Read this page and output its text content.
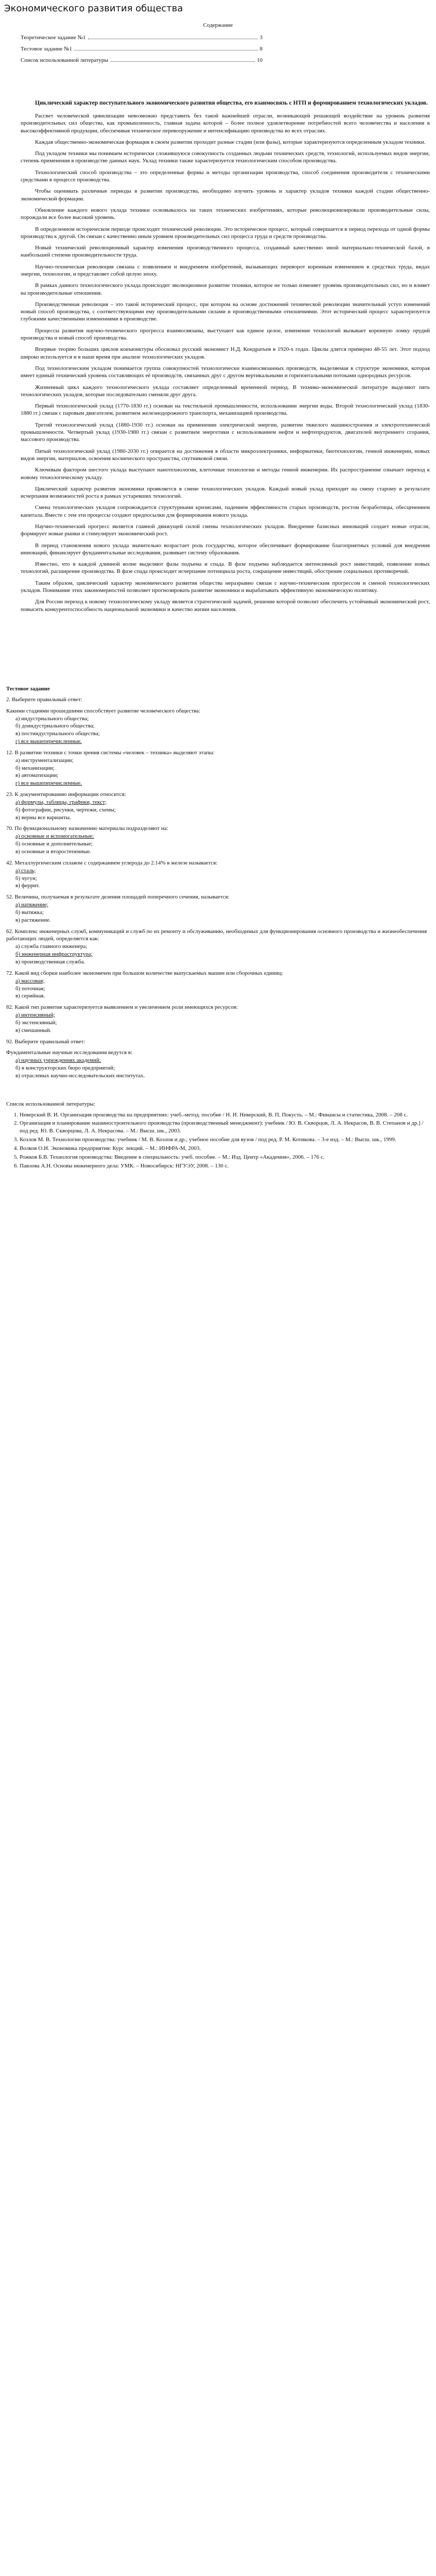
Экономического развития общества
Содержание
Теоретическое задание №1	3
Тестовое задание №1	8
Список использованной литературы	10
Циклический характер поступательного экономического развития общества, его взаимосвязь с НТП и формированием технологических укладов.

Рассвет человеческой цивилизации невозможно представить без такой важнейшей отрасли, возникающей решающей воздействие на уровень развития производительных сил общества, как промышленность, главная задача которой – более полное удовлетворение потребностей всего человечества и населения в высокоэффективной продукции, обеспечивая техническое перевооружение и интенсификацию производства во всех отраслях.

Каждая общественно-экономическая формация в своем развитии проходит разные стадии (или фазы), которые характеризуются определенным укладом техники.

Под укладом техники мы понимаем исторически сложившуюся совокупность созданных людьми технических средств, технологий, используемых видов энергии, степень применения в производстве данных наук. Уклад техники также характеризуется технологическим способом производства.

Технологический способ производства – это определенные формы и методы организации производства, способ соединения производителя с техническими средствами в процессе производства.

Чтобы оценивать различные периоды в развитии производства, необходимо изучить уровень и характер укладов техники каждой стадии общественно-экономической формации.

Обновление каждого нового уклада техники основывалось на таких технических изобретениях, которые революционизировали производительные силы, порождали все более высокий уровень.

В определенном историческом периоде происходит технический революции. Это историческое процесс, который совершается в период перехода от одной формы производства к другой. Он связан с качественно иным уровнем производительных сил процесса труда и средств производства.

Новый технический революционный характер изменения производственного процесса, созданный качественно иной материально-технической базой, в наибольшей степени производительности труда.

Научно-техническая революция связана с появлением и внедрением изобретений, вызывающих переворот коренным изменением в средствах труда, видах энергии, технологии, и представляет собой целую эпоху.

В рамках данного технологического уклада происходит эволюционное развитие техники, которое не только изменяет уровень производительных сил, но и влияет на производительные отношения.

Производственная революция – это такой исторический процесс, при котором на основе достижений технической революции значительный уступ изменений новый способ производства, с соответствующими ему производительными силами и производственными отношениями. Этот исторический процесс характеризуется глубокими качественными изменениями в производстве.

Процессы развития научно-технического прогресса взаимосвязаны, выступают как единое целое, изменение технологий вызывает коренную ломку орудий производства и новый способ производства.

Впервые теорию больших циклов конъюнктуры обосновал русский экономист Н.Д. Кондратьев в 1920-х годах. Циклы длятся примерно 48-55 лет. Этот подход широко используется и в наше время при анализе технологических укладов.

Под технологическим укладом понимается группа совокупностей технологически взаимосвязанных производств, выделяемая в структуре экономики, которая имеет единый технический уровень составляющих её производств, связанных друг с другом вертикальными и горизонтальными потоками однородных ресурсов.

Жизненный цикл каждого технологического уклада составляет определенный временной период. В технико-экономической литературе выделяют пять технологических укладов, которые последовательно сменяли друг друга.

Первый технологический уклад (1770-1830 гг.) основан на текстильной промышленности, использовании энергии воды. Второй технологический уклад (1830-1880 гг.) связан с паровым двигателем, развитием железнодорожного транспорта, механизацией производства.

Третий технологический уклад (1880-1930 гг.) основан на применении электрической энергии, развитии тяжелого машиностроения и электротехнической промышленности. Четвертый уклад (1930-1980 гг.) связан с развитием энергетики с использованием нефти и нефтепродуктов, двигателей внутреннего сгорания, массового производства.

Пятый технологический уклад (1980-2030 гг.) опирается на достижения в области микроэлектроники, информатики, биотехнологии, генной инженерии, новых видов энергии, материалов, освоения космического пространства, спутниковой связи.

Ключевым фактором шестого уклада выступают нанотехнологии, клеточные технологии и методы генной инженерии. Их распространение означает переход к новому технологическому укладу.

Циклический характер развития экономики проявляется в смене технологических укладов. Каждый новый уклад приходит на смену старому в результате исчерпания возможностей роста в рамках устаревших технологий.

Смена технологических укладов сопровождается структурными кризисами, падением эффективности старых производств, ростом безработицы, обесценением капитала. Вместе с тем эти процессы создают предпосылки для формирования нового уклада.

Научно-технический прогресс является главной движущей силой смены технологических укладов. Внедрение базисных инноваций создает новые отрасли, формирует новые рынки и стимулирует экономический рост.

В период становления нового уклада значительно возрастает роль государства, которое обеспечивает формирование благоприятных условий для внедрения инноваций, финансирует фундаментальные исследования, развивает систему образования.

Известно, что в каждой длинной волне выделяют фазы подъема и спада. В фазе подъема наблюдается интенсивный рост инвестиций, появление новых технологий, расширение производства. В фазе спада происходит исчерпание потенциала роста, сокращение инвестиций, обострение социальных противоречий.

Таким образом, циклический характер экономического развития общества неразрывно связан с научно-техническим прогрессом и сменой технологических укладов. Понимание этих закономерностей позволяет прогнозировать развитие экономики и вырабатывать эффективную экономическую политику.

Для России переход к новому технологическому укладу является стратегической задачей, решение которой позволит обеспечить устойчивый экономический рост, повысить конкурентоспособность национальной экономики и качество жизни населения.

Тестовое задание
2. Выберите правильный ответ:
Какими стадиями прошедшими способствует развитие человеческого общества:
а) индустриального общества;
б) доиндустриального общества;
в) постиндустриального общества;
г) все вышеперечисленные.
12. В развитии техники с точки зрения системы «человек – техника» выделяют этапы:
а) инструментализации;
б) механизации;
в) автоматизации;
г) все вышеперечисленные.
23. К документированию информации относится:
а) формулы, таблицы, графики, текст;
б) фотографии, рисунки, чертежи, схемы;
в) верны все варианты.
70. По функциональному назначению материалы подразделяют на:
а) основные и вспомогательные;
б) основные и дополнительные;
в) основные и второстепенные.
42. Металлургическим сплавом с содержанием углерода до 2.14% в железе называется:
а) сталь;
б) чугун;
в) феррит.
52. Величина, получаемая в результате деления площадей поперечного сечения, называется:
а) натяжение;
б) вытяжка;
в) растяжение.
62. Комплекс инженерных служб, коммуникаций и служб по их ремонту и обслуживанию, необходимых для функционирования основного производства и жизнеобеспечения работающих людей, определяется как:
а) служба главного инженера;
б) инженерная инфраструктура;
в) производственная служба.
72. Какой вид сборки наиболее экономичен при большом количестве выпускаемых машин или сборочных единиц:
а) массовая;
б) поточная;
в) серийная.
82. Какой тип развития характеризуется выявлением и увеличением роли имеющихся ресурсов:
а) интенсивный;
б) экстенсивный;
в) смешанный.
92. Выберите правильный ответ:
Фундаментальные научные исследования ведутся в:
а) научных учреждениях академий;
б) в конструкторских бюро предприятий;
в) отраслевых научно-исследовательских институтах.
Список использованной литературы:
1. Неверский В. И. Организация производства на предприятиях: учеб.-метод. пособие / Н. И. Неверский, В. П. Покусть. – М.: Финансы и статистика, 2008. – 208 с.
2. Организация и планирование машиностроительного производства (производственный менеджмент): учебник / Ю. В. Скворцов, Л. А. Некрасов, В. В. Степанов и др.] / под ред. Ю. В. Скворцова, Л. А. Некрасова. – М.: Высш. шк., 2003.
3. Козлов М. В. Технологии производства: учебник / М. В. Козлов и др.; учебное пособие для вузов / под ред. Р. М. Котикова. – 3-е изд. – М.: Высш. шк., 1999.
4. Волков О.И. Экономика предприятия: Курс лекций. – М.: ИНФРА-М, 2003.
5. Рожков Б.В. Технология производства: Введение в специальность: учеб. пособие. – М.: Изд. Центр «Академия», 2006. – 176 с.
6. Павлова А.Н. Основы инженерного дела: УМК. – Новосибирск: НГУЭУ, 2008. – 130 с.
